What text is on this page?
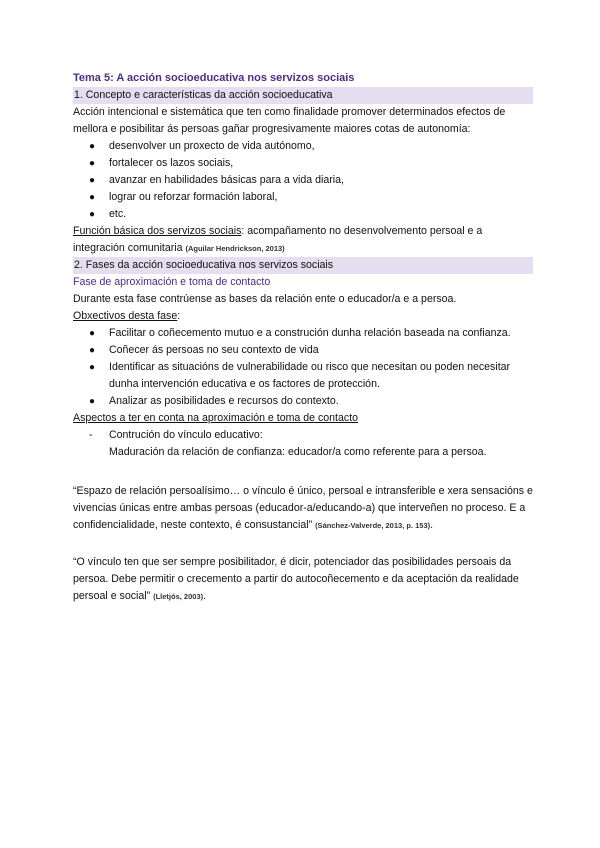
Tema 5: A acción socioeducativa nos servizos sociais

1. Concepto e características da acción socioeducativa

Acción intencional e sistemática que ten como finalidade promover determinados efectos de mellora e posibilitar ás persoas gañar progresivamente maiores cotas de autonomía:

● desenvolver un proxecto de vida autónomo,
● fortalecer os lazos sociais,
● avanzar en habilidades básicas para a vida diaria,
● lograr ou reforzar formación laboral,
● etc.

Función básica dos servizos sociais: acompañamento no desenvolvemento persoal e a integración comunitaria (Aguilar Hendrickson, 2013)

2. Fases da acción socioeducativa nos servizos sociais

Fase de aproximación e toma de contacto

Durante esta fase contrúense as bases da relación ente o educador/a e a persoa.

Obxectivos desta fase:

● Facilitar o coñecemento mutuo e a construción dunha relación baseada na confianza.
● Coñecer ás persoas no seu contexto de vida
● Identificar as situacións de vulnerabilidade ou risco que necesitan ou poden necesitar dunha intervención educativa e os factores de protección.
● Analizar as posibilidades e recursos do contexto.

Aspectos a ter en conta na aproximación e toma de contacto

- Contrución do vínculo educativo:
Maduración da relación de confianza: educador/a como referente para a persoa.

“Espazo de relación persoalísimo… o vínculo é único, persoal e intransferible e xera sensacións e vivencias únicas entre ambas persoas (educador-a/educando-a) que interveñen no proceso. E a confidencialidade, neste contexto, é consustancial” (Sánchez-Valverde, 2013, p. 153).

“O vínculo ten que ser sempre posibilitador, é dicir, potenciador das posibilidades persoais da persoa. Debe permitir o crecemento a partir do autocoñecemento e da aceptación da realidade persoal e social” (Lletjós, 2003).
